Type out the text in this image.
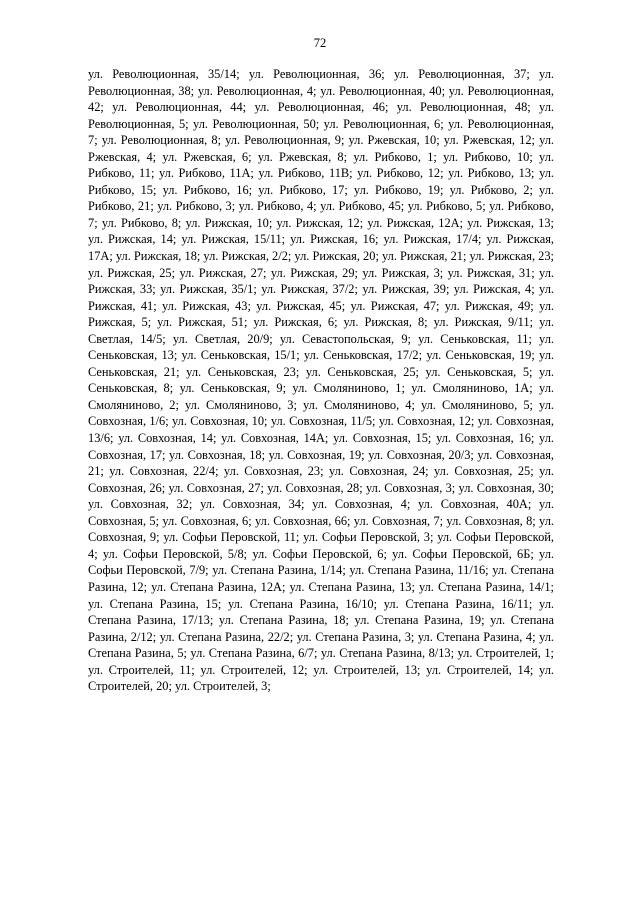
72

ул. Революционная, 35/14; ул. Революционная, 36; ул. Революционная, 37; ул. Революционная, 38; ул. Революционная, 4; ул. Революционная, 40; ул. Революционная, 42; ул. Революционная, 44; ул. Революционная, 46; ул. Революционная, 48; ул. Революционная, 5; ул. Революционная, 50; ул. Революционная, 6; ул. Революционная, 7; ул. Революционная, 8; ул. Революционная, 9; ул. Ржевская, 10; ул. Ржевская, 12; ул. Ржевская, 4; ул. Ржевская, 6; ул. Ржевская, 8; ул. Рибково, 1; ул. Рибково, 10; ул. Рибково, 11; ул. Рибково, 11А; ул. Рибково, 11В; ул. Рибково, 12; ул. Рибково, 13; ул. Рибково, 15; ул. Рибково, 16; ул. Рибково, 17; ул. Рибково, 19; ул. Рибково, 2; ул. Рибково, 21; ул. Рибково, 3; ул. Рибково, 4; ул. Рибково, 45; ул. Рибково, 5; ул. Рибково, 7; ул. Рибково, 8; ул. Рижская, 10; ул. Рижская, 12; ул. Рижская, 12А; ул. Рижская, 13; ул. Рижская, 14; ул. Рижская, 15/11; ул. Рижская, 16; ул. Рижская, 17/4; ул. Рижская, 17А; ул. Рижская, 18; ул. Рижская, 2/2; ул. Рижская, 20; ул. Рижская, 21; ул. Рижская, 23; ул. Рижская, 25; ул. Рижская, 27; ул. Рижская, 29; ул. Рижская, 3; ул. Рижская, 31; ул. Рижская, 33; ул. Рижская, 35/1; ул. Рижская, 37/2; ул. Рижская, 39; ул. Рижская, 4; ул. Рижская, 41; ул. Рижская, 43; ул. Рижская, 45; ул. Рижская, 47; ул. Рижская, 49; ул. Рижская, 5; ул. Рижская, 51; ул. Рижская, 6; ул. Рижская, 8; ул. Рижская, 9/11; ул. Светлая, 14/5; ул. Светлая, 20/9; ул. Севастопольская, 9; ул. Сеньковская, 11; ул. Сеньковская, 13; ул. Сеньковская, 15/1; ул. Сеньковская, 17/2; ул. Сеньковская, 19; ул. Сеньковская, 21; ул. Сеньковская, 23; ул. Сеньковская, 25; ул. Сеньковская, 5; ул. Сеньковская, 8; ул. Сеньковская, 9; ул. Смоляниново, 1; ул. Смоляниново, 1А; ул. Смоляниново, 2; ул. Смоляниново, 3; ул. Смоляниново, 4; ул. Смоляниново, 5; ул. Совхозная, 1/6; ул. Совхозная, 10; ул. Совхозная, 11/5; ул. Совхозная, 12; ул. Совхозная, 13/6; ул. Совхозная, 14; ул. Совхозная, 14А; ул. Совхозная, 15; ул. Совхозная, 16; ул. Совхозная, 17; ул. Совхозная, 18; ул. Совхозная, 19; ул. Совхозная, 20/3; ул. Совхозная, 21; ул. Совхозная, 22/4; ул. Совхозная, 23; ул. Совхозная, 24; ул. Совхозная, 25; ул. Совхозная, 26; ул. Совхозная, 27; ул. Совхозная, 28; ул. Совхозная, 3; ул. Совхозная, 30; ул. Совхозная, 32; ул. Совхозная, 34; ул. Совхозная, 4; ул. Совхозная, 40А; ул. Совхозная, 5; ул. Совхозная, 6; ул. Совхозная, 66; ул. Совхозная, 7; ул. Совхозная, 8; ул. Совхозная, 9; ул. Софьи Перовской, 11; ул. Софьи Перовской, 3; ул. Софьи Перовской, 4; ул. Софьи Перовской, 5/8; ул. Софьи Перовской, 6; ул. Софьи Перовской, 6Б; ул. Софьи Перовской, 7/9; ул. Степана Разина, 1/14; ул. Степана Разина, 11/16; ул. Степана Разина, 12; ул. Степана Разина, 12А; ул. Степана Разина, 13; ул. Степана Разина, 14/1; ул. Степана Разина, 15; ул. Степана Разина, 16/10; ул. Степана Разина, 16/11; ул. Степана Разина, 17/13; ул. Степана Разина, 18; ул. Степана Разина, 19; ул. Степана Разина, 2/12; ул. Степана Разина, 22/2; ул. Степана Разина, 3; ул. Степана Разина, 4; ул. Степана Разина, 5; ул. Степана Разина, 6/7; ул. Степана Разина, 8/13; ул. Строителей, 1; ул. Строителей, 11; ул. Строителей, 12; ул. Строителей, 13; ул. Строителей, 14; ул. Строителей, 20; ул. Строителей, 3;
